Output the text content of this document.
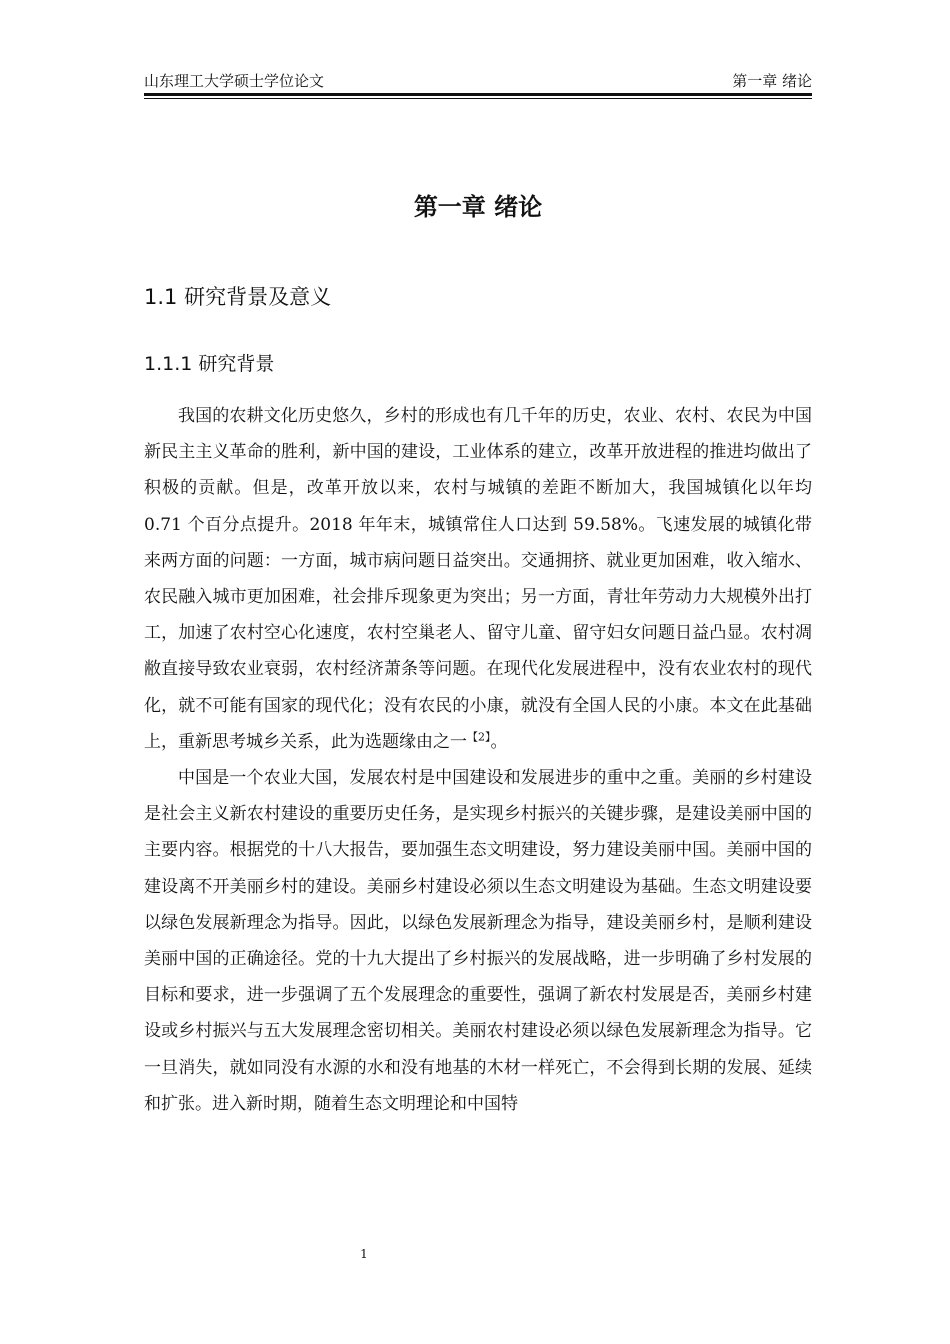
山东理工大学硕士学位论文	第一章 绪论
第一章 绪论
1.1 研究背景及意义
1.1.1 研究背景

我国的农耕文化历史悠久，乡村的形成也有几千年的历史，农业、农村、农民为中国新民主主义革命的胜利，新中国的建设，工业体系的建立，改革开放进程的推进均做出了积极的贡献。但是，改革开放以来，农村与城镇的差距不断加大，我国城镇化以年均 0.71 个百分点提升。2018 年年末，城镇常住人口达到 59.58%。飞速发展的城镇化带来两方面的问题：一方面，城市病问题日益突出。交通拥挤、就业更加困难，收入缩水、农民融入城市更加困难，社会排斥现象更为突出；另一方面，青壮年劳动力大规模外出打工，加速了农村空心化速度，农村空巢老人、留守儿童、留守妇女问题日益凸显。农村凋敝直接导致农业衰弱，农村经济萧条等问题。在现代化发展进程中，没有农业农村的现代化，就不可能有国家的现代化；没有农民的小康，就没有全国人民的小康。本文在此基础上，重新思考城乡关系，此为选题缘由之一$^{【2】}$。

中国是一个农业大国，发展农村是中国建设和发展进步的重中之重。美丽的乡村建设是社会主义新农村建设的重要历史任务，是实现乡村振兴的关键步骤，是建设美丽中国的主要内容。根据党的十八大报告，要加强生态文明建设，努力建设美丽中国。美丽中国的建设离不开美丽乡村的建设。美丽乡村建设必须以生态文明建设为基础。生态文明建设要以绿色发展新理念为指导。因此，以绿色发展新理念为指导，建设美丽乡村，是顺利建设美丽中国的正确途径。党的十九大提出了乡村振兴的发展战略，进一步明确了乡村发展的目标和要求，进一步强调了五个发展理念的重要性，强调了新农村发展是否，美丽乡村建设或乡村振兴与五大发展理念密切相关。美丽农村建设必须以绿色发展新理念为指导。它一旦消失，就如同没有水源的水和没有地基的木材一样死亡，不会得到长期的发展、延续和扩张。进入新时期，随着生态文明理论和中国特

1
